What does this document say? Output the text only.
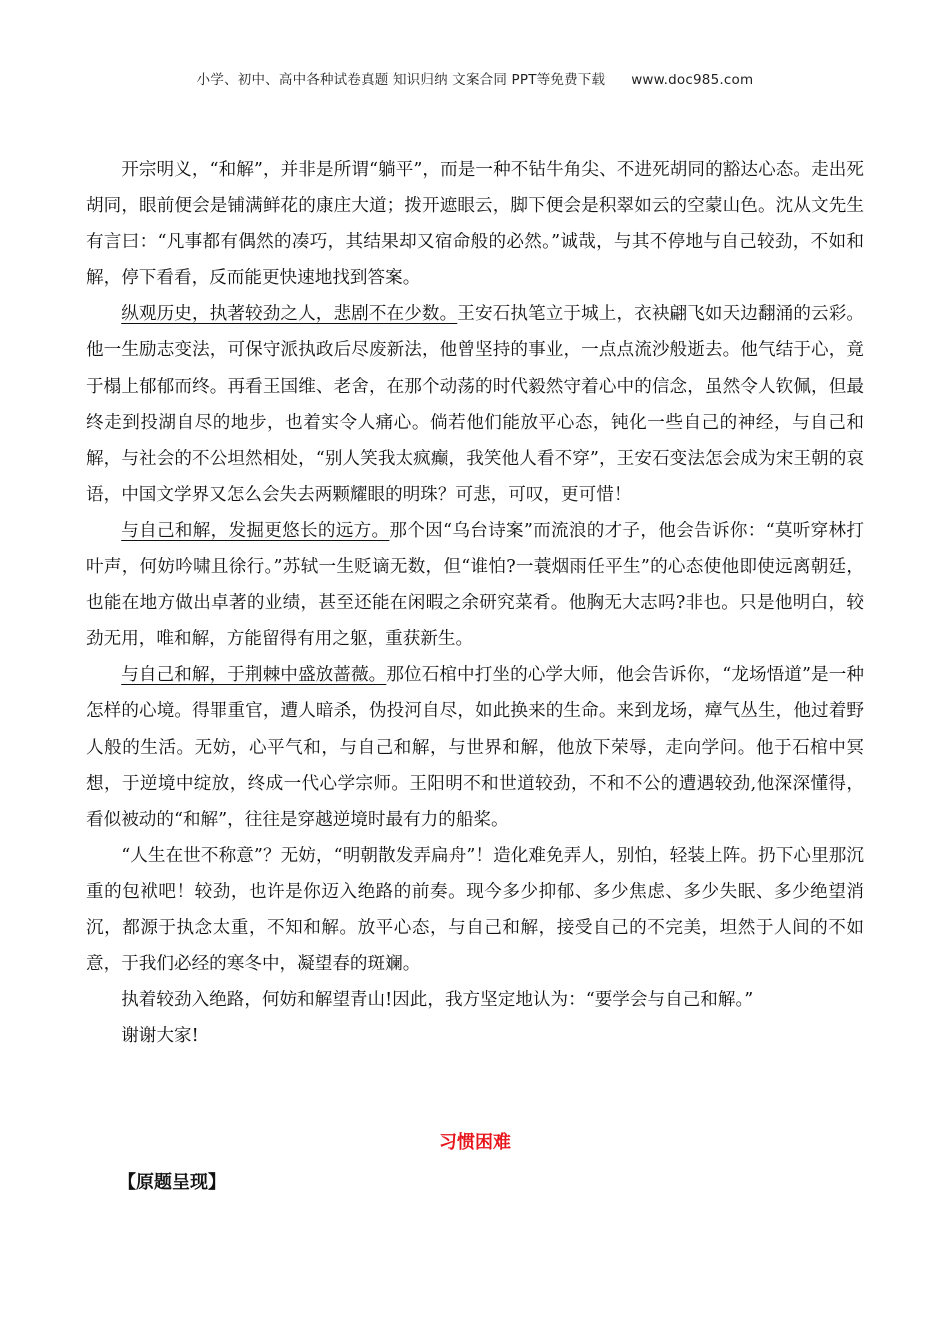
小学、初中、高中各种试卷真题 知识归纳 文案合同 PPT等免费下载 www.doc985.com

开宗明义，“和解”，并非是所谓“躺平”，而是一种不钻牛角尖、不进死胡同的豁达心态。走出死胡同，眼前便会是铺满鲜花的康庄大道；拨开遮眼云，脚下便会是积翠如云的空蒙山色。沈从文先生有言曰：“凡事都有偶然的凑巧，其结果却又宿命般的必然。”诚哉，与其不停地与自己较劲，不如和解，停下看看，反而能更快速地找到答案。

纵观历史，执著较劲之人，悲剧不在少数。王安石执笔立于城上，衣袂翩飞如天边翻涌的云彩。他一生励志变法，可保守派执政后尽废新法，他曾坚持的事业，一点点流沙般逝去。他气结于心，竟于榻上郁郁而终。再看王国维、老舍，在那个动荡的时代毅然守着心中的信念，虽然令人钦佩，但最终走到投湖自尽的地步，也着实令人痛心。倘若他们能放平心态，钝化一些自己的神经，与自己和解，与社会的不公坦然相处，“别人笑我太疯癫，我笑他人看不穿”，王安石变法怎会成为宋王朝的哀语，中国文学界又怎么会失去两颗耀眼的明珠？可悲，可叹，更可惜！

与自己和解，发掘更悠长的远方。那个因“乌台诗案”而流浪的才子，他会告诉你：“莫听穿林打叶声，何妨吟啸且徐行。”苏轼一生贬谪无数，但“谁怕?一蓑烟雨任平生”的心态使他即使远离朝廷，也能在地方做出卓著的业绩，甚至还能在闲暇之余研究菜肴。他胸无大志吗?非也。只是他明白，较劲无用，唯和解，方能留得有用之躯，重获新生。

与自己和解，于荆棘中盛放蔷薇。那位石棺中打坐的心学大师，他会告诉你，“龙场悟道”是一种怎样的心境。得罪重官，遭人暗杀，伪投河自尽，如此换来的生命。来到龙场，瘴气丛生，他过着野人般的生活。无妨，心平气和，与自己和解，与世界和解，他放下荣辱，走向学问。他于石棺中冥想，于逆境中绽放，终成一代心学宗师。王阳明不和世道较劲，不和不公的遭遇较劲,他深深懂得，看似被动的“和解”，往往是穿越逆境时最有力的船桨。

“人生在世不称意”？无妨，“明朝散发弄扁舟”！造化难免弄人，别怕，轻装上阵。扔下心里那沉重的包袱吧！较劲，也许是你迈入绝路的前奏。现今多少抑郁、多少焦虑、多少失眠、多少绝望消沉，都源于执念太重，不知和解。放平心态，与自己和解，接受自己的不完美，坦然于人间的不如意，于我们必经的寒冬中，凝望春的斑斓。

执着较劲入绝路，何妨和解望青山!因此，我方坚定地认为：“要学会与自己和解。”

谢谢大家!

习惯困难
【原题呈现】
